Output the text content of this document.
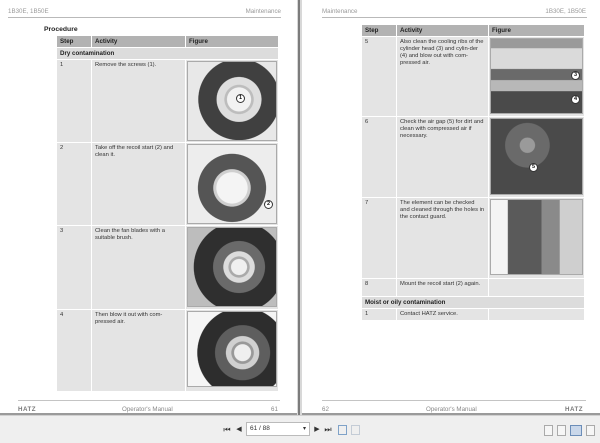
1B30E, 1B50E	Maintenance
Procedure
Step	Activity	Figure
Dry contamination		
1	Remove the screws (1).	1

2	Take off the recoil start (2) and clean it.	2

3	Clean the fan blades with a suitable brush.	

4	Then blow it out with com-pressed air.	
HATZ	Operator's Manual	61
Maintenance	1B30E, 1B50E
Step	Activity	Figure
5	Also clean the cooling ribs of the cylinder head (3) and cylin-der (4) and blow out with com-pressed air.	3
4

6	Check the air gap (5) for dirt and clean with compressed air if necessary.	5

7	The element can be checked and cleaned through the holes in the contact guard.	

8	Mount the recoil start (2) again.	
Moist or oily contamination		
1	Contact HATZ service.	
62	Operator's Manual	HATZ
⏮ ◀	61 / 88	▾ ▶ ⏭
